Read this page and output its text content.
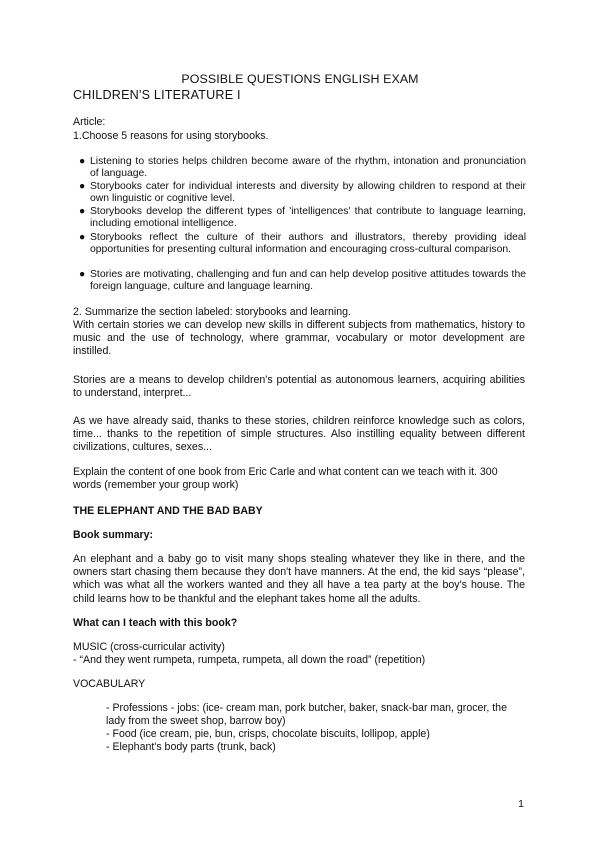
POSSIBLE QUESTIONS ENGLISH EXAM

CHILDREN'S LITERATURE I

Article:

1.Choose 5 reasons for using storybooks.

● Listening to stories helps children become aware of the rhythm, intonation and pronunciation of language.
● Storybooks cater for individual interests and diversity by allowing children to respond at their own linguistic or cognitive level.
● Storybooks develop the different types of 'intelligences' that contribute to language learning, including emotional intelligence.
● Storybooks reflect the culture of their authors and illustrators, thereby providing ideal opportunities for presenting cultural information and encouraging cross-cultural comparison.
● Stories are motivating, challenging and fun and can help develop positive attitudes towards the foreign language, culture and language learning.

2. Summarize the section labeled: storybooks and learning.

With certain stories we can develop new skills in different subjects from mathematics, history to music and the use of technology, where grammar, vocabulary or motor development are instilled.

Stories are a means to develop children's potential as autonomous learners, acquiring abilities to understand, interpret...

As we have already said, thanks to these stories, children reinforce knowledge such as colors, time... thanks to the repetition of simple structures. Also instilling equality between different civilizations, cultures, sexes...

Explain the content of one book from Eric Carle and what content can we teach with it. 300 words (remember your group work)

THE ELEPHANT AND THE BAD BABY

Book summary:

An elephant and a baby go to visit many shops stealing whatever they like in there, and the owners start chasing them because they don't have manners. At the end, the kid says “please”, which was what all the workers wanted and they all have a tea party at the boy's house. The child learns how to be thankful and the elephant takes home all the adults.

What can I teach with this book?

MUSIC (cross-curricular activity)

- “And they went rumpeta, rumpeta, rumpeta, all down the road” (repetition)

VOCABULARY

- Professions - jobs: (ice- cream man, pork butcher, baker, snack-bar man, grocer, the

lady from the sweet shop, barrow boy)

- Food (ice cream, pie, bun, crisps, chocolate biscuits, lollipop, apple)

- Elephant's body parts (trunk, back)

1
